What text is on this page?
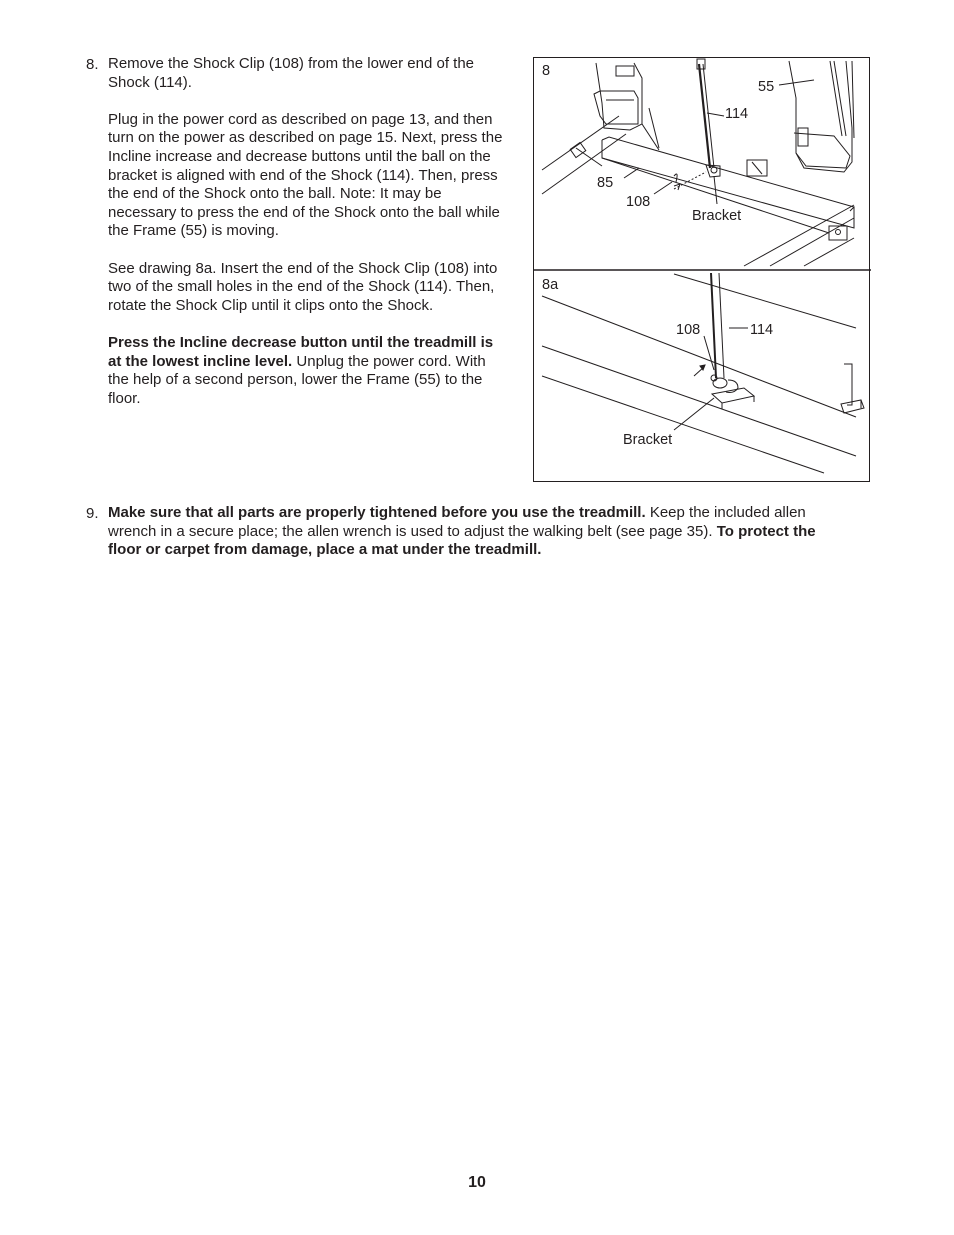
8. Remove the Shock Clip (108) from the lower end of the Shock (114).

Plug in the power cord as described on page 13, and then turn on the power as described on page 15. Next, press the Incline increase and decrease buttons until the ball on the bracket is aligned with end of the Shock (114). Then, press the end of the Shock onto the ball. Note: It may be necessary to press the end of the Shock onto the ball while the Frame (55) is moving.

See drawing 8a. Insert the end of the Shock Clip (108) into two of the small holes in the end of the Shock (114). Then, rotate the Shock Clip until it clips onto the Shock.

Press the Incline decrease button until the treadmill is at the lowest incline level. Unplug the power cord. With the help of a second person, lower the Frame (55) to the floor.

8
55
114
85
108
Bracket
8a
108	114
Bracket
9. Make sure that all parts are properly tightened before you use the treadmill. Keep the included allen wrench in a secure place; the allen wrench is used to adjust the walking belt (see page 35). To protect the floor or carpet from damage, place a mat under the treadmill.

10
